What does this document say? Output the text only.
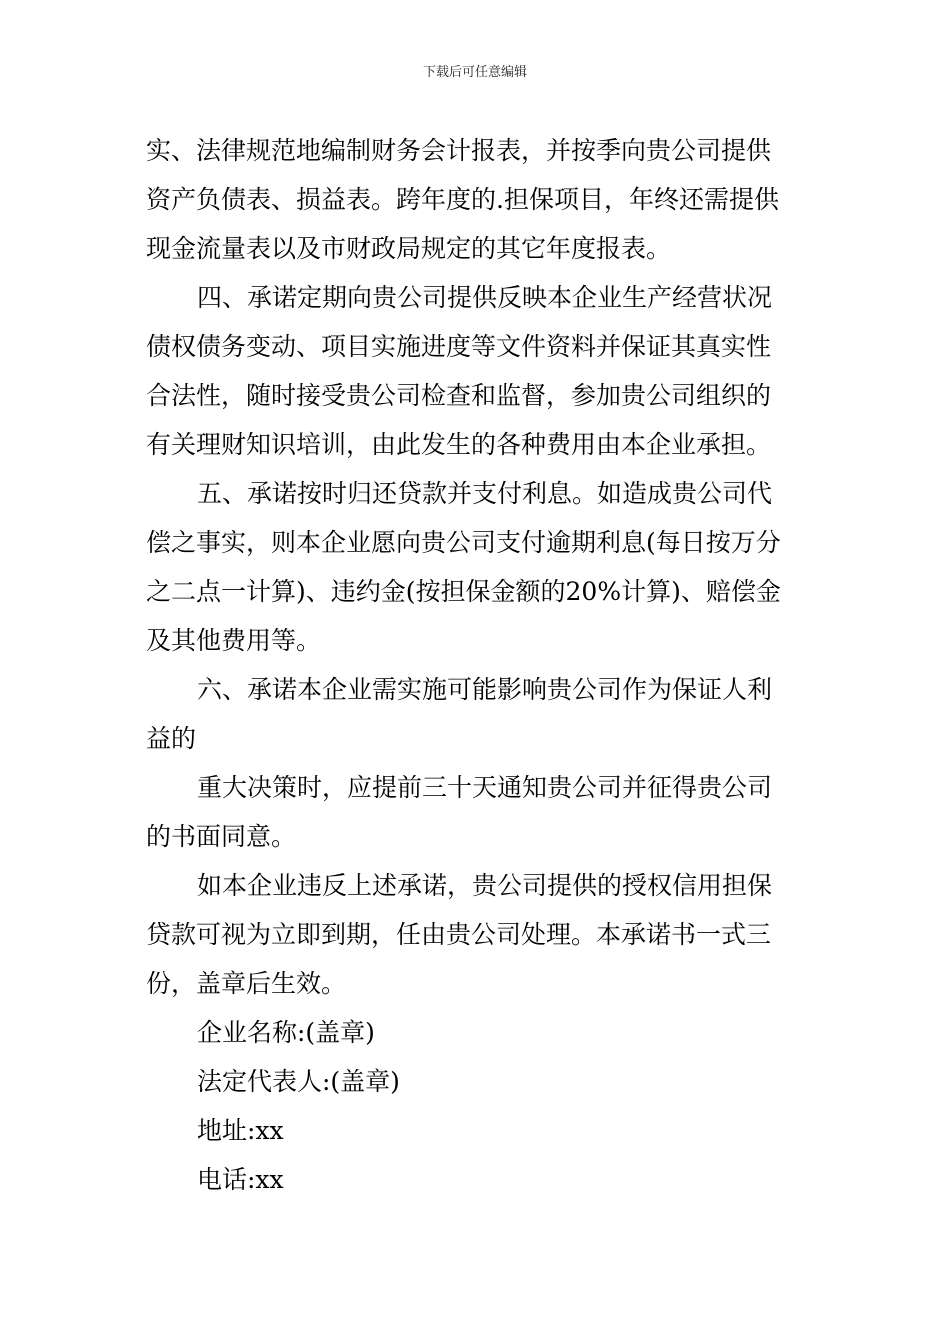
下载后可任意编辑
实、法律规范地编制财务会计报表，并按季向贵公司提供
资产负债表、损益表。跨年度的.担保项目，年终还需提供
现金流量表以及市财政局规定的其它年度报表。
四、承诺定期向贵公司提供反映本企业生产经营状况
债权债务变动、项目实施进度等文件资料并保证其真实性
合法性，随时接受贵公司检查和监督，参加贵公司组织的
有关理财知识培训，由此发生的各种费用由本企业承担。
五、承诺按时归还贷款并支付利息。如造成贵公司代
偿之事实，则本企业愿向贵公司支付逾期利息(每日按万分
之二点一计算)、违约金(按担保金额的20%计算)、赔偿金
及其他费用等。
六、承诺本企业需实施可能影响贵公司作为保证人利
益的
重大决策时，应提前三十天通知贵公司并征得贵公司
的书面同意。
如本企业违反上述承诺，贵公司提供的授权信用担保
贷款可视为立即到期，任由贵公司处理。本承诺书一式三
份，盖章后生效。
企业名称:(盖章)
法定代表人:(盖章)
地址:xx
电话:xx
